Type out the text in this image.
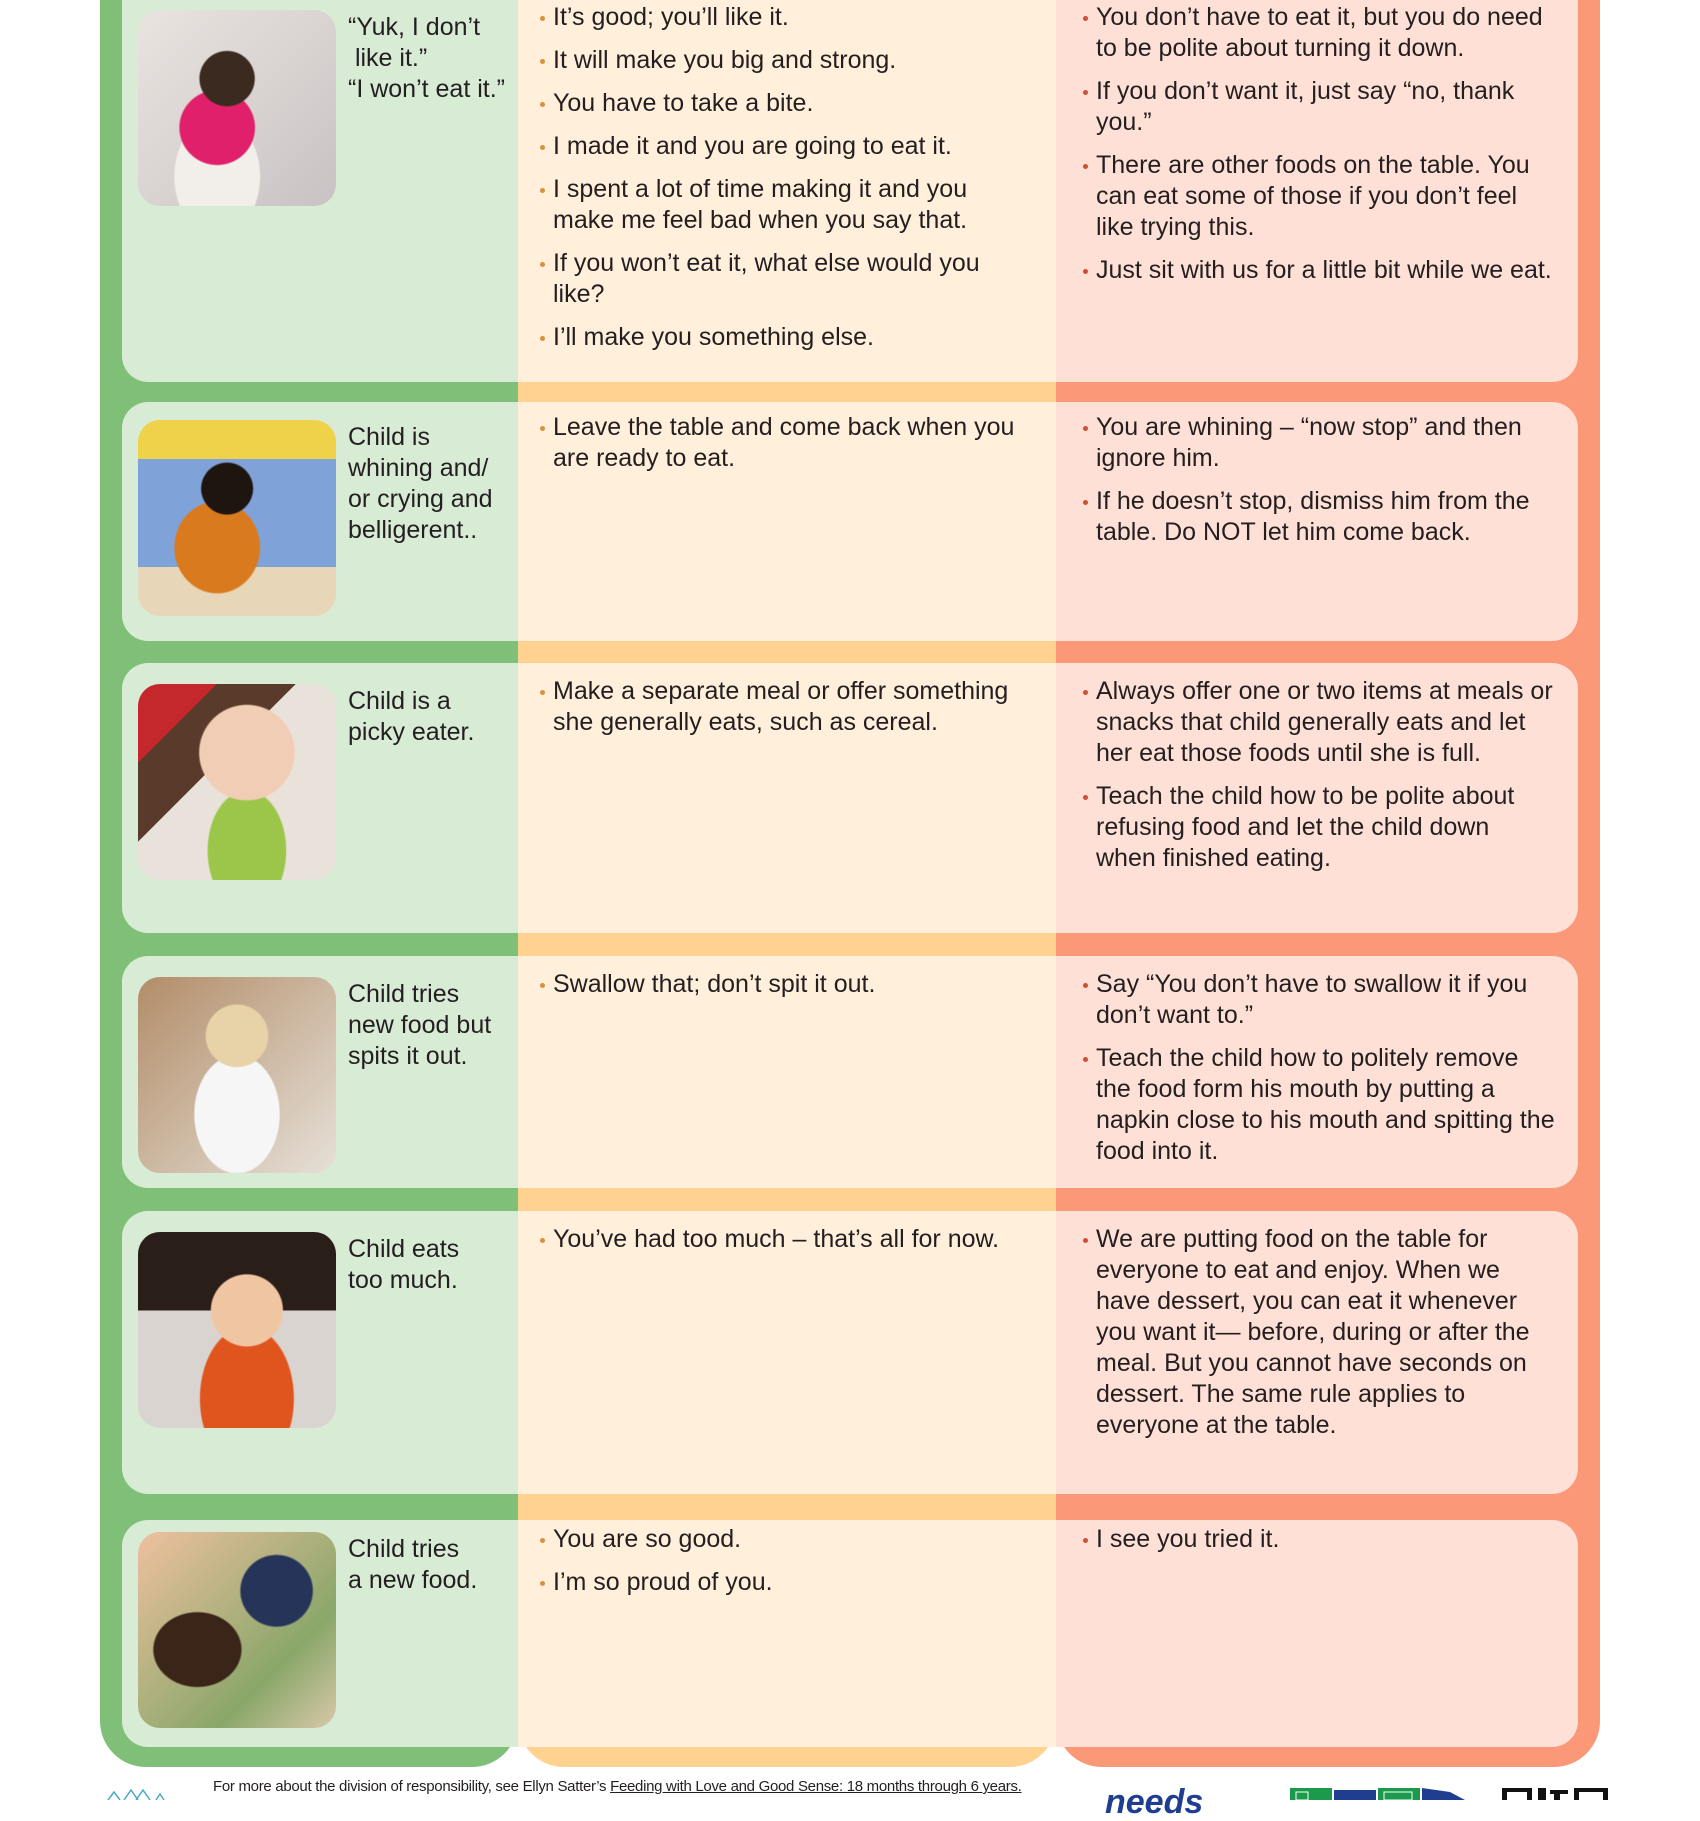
“Yuk, I don’t
like it.”
“I won’t eat it.”
It’s good; you’ll like it.
It will make you big and strong.
You have to take a bite.
I made it and you are going to eat it.
I spent a lot of time making it and you make me feel bad when you say that.
If you won’t eat it, what else would you like?
I’ll make you something else.
You don’t have to eat it, but you do need to be polite about turning it down.
If you don’t want it, just say “no, thank you.”
There are other foods on the table. You can eat some of those if you don’t feel like trying this.
Just sit with us for a little bit while we eat.
Child is
whining and/
or crying and
belligerent..
Leave the table and come back when you are ready to eat.
You are whining – “now stop” and then ignore him.
If he doesn’t stop, dismiss him from the table. Do NOT let him come back.
Child is a
picky eater.
Make a separate meal or offer something she generally eats, such as cereal.
Always offer one or two items at meals or snacks that child generally eats and let her eat those foods until she is full.
Teach the child how to be polite about refusing food and let the child down when finished eating.
Child tries
new food but
spits it out.
Swallow that; don’t spit it out.	Say “You don’t have to swallow it if you don’t want to.”
Teach the child how to politely remove the food form his mouth by putting a napkin close to his mouth and spitting the food into it.
Child eats
too much.
You’ve had too much – that’s all for now.	We are putting food on the table for everyone to eat and enjoy. When we have dessert, you can eat it whenever you want it— before, during or after the meal. But you cannot have seconds on dessert. The same rule applies to everyone at the table.
Child tries
a new food.
You are so good.
I’m so proud of you.
I see you tried it.
For more about the division of responsibility, see Ellyn Satter’s Feeding with Love and Good Sense: 18 months through 6 years. needs
